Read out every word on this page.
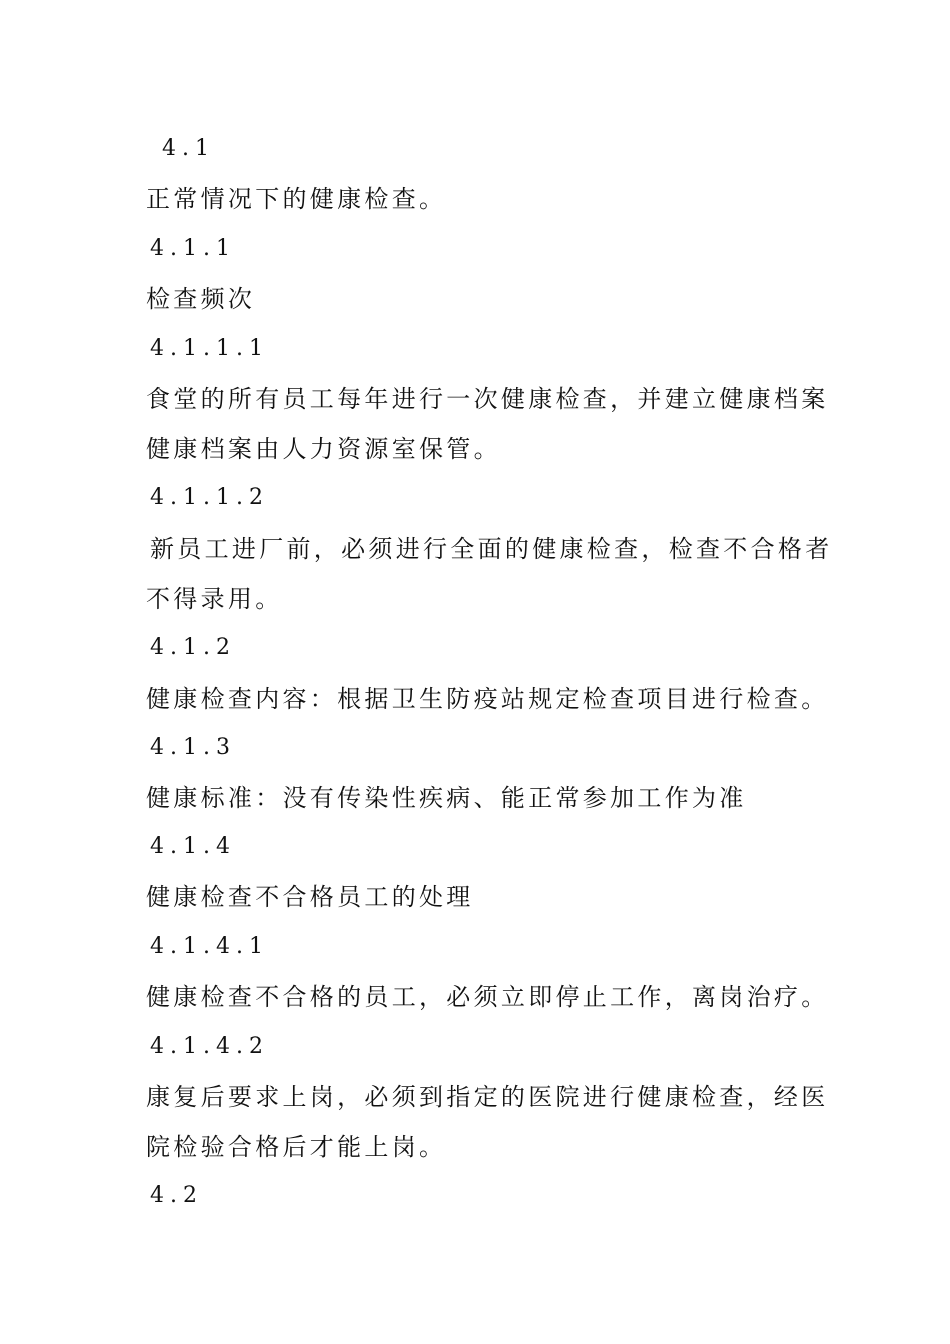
4.1
正常情况下的健康检查。
4.1.1
检查频次
4.1.1.1
食堂的所有员工每年进行一次健康检查，并建立健康档案
健康档案由人力资源室保管。
4.1.1.2
新员工进厂前，必须进行全面的健康检查，检查不合格者
不得录用。
4.1.2
健康检查内容：根据卫生防疫站规定检查项目进行检查。
4.1.3
健康标准：没有传染性疾病、能正常参加工作为准
4.1.4
健康检查不合格员工的处理
4.1.4.1
健康检查不合格的员工，必须立即停止工作，离岗治疗。
4.1.4.2
康复后要求上岗，必须到指定的医院进行健康检查，经医
院检验合格后才能上岗。
4.2
